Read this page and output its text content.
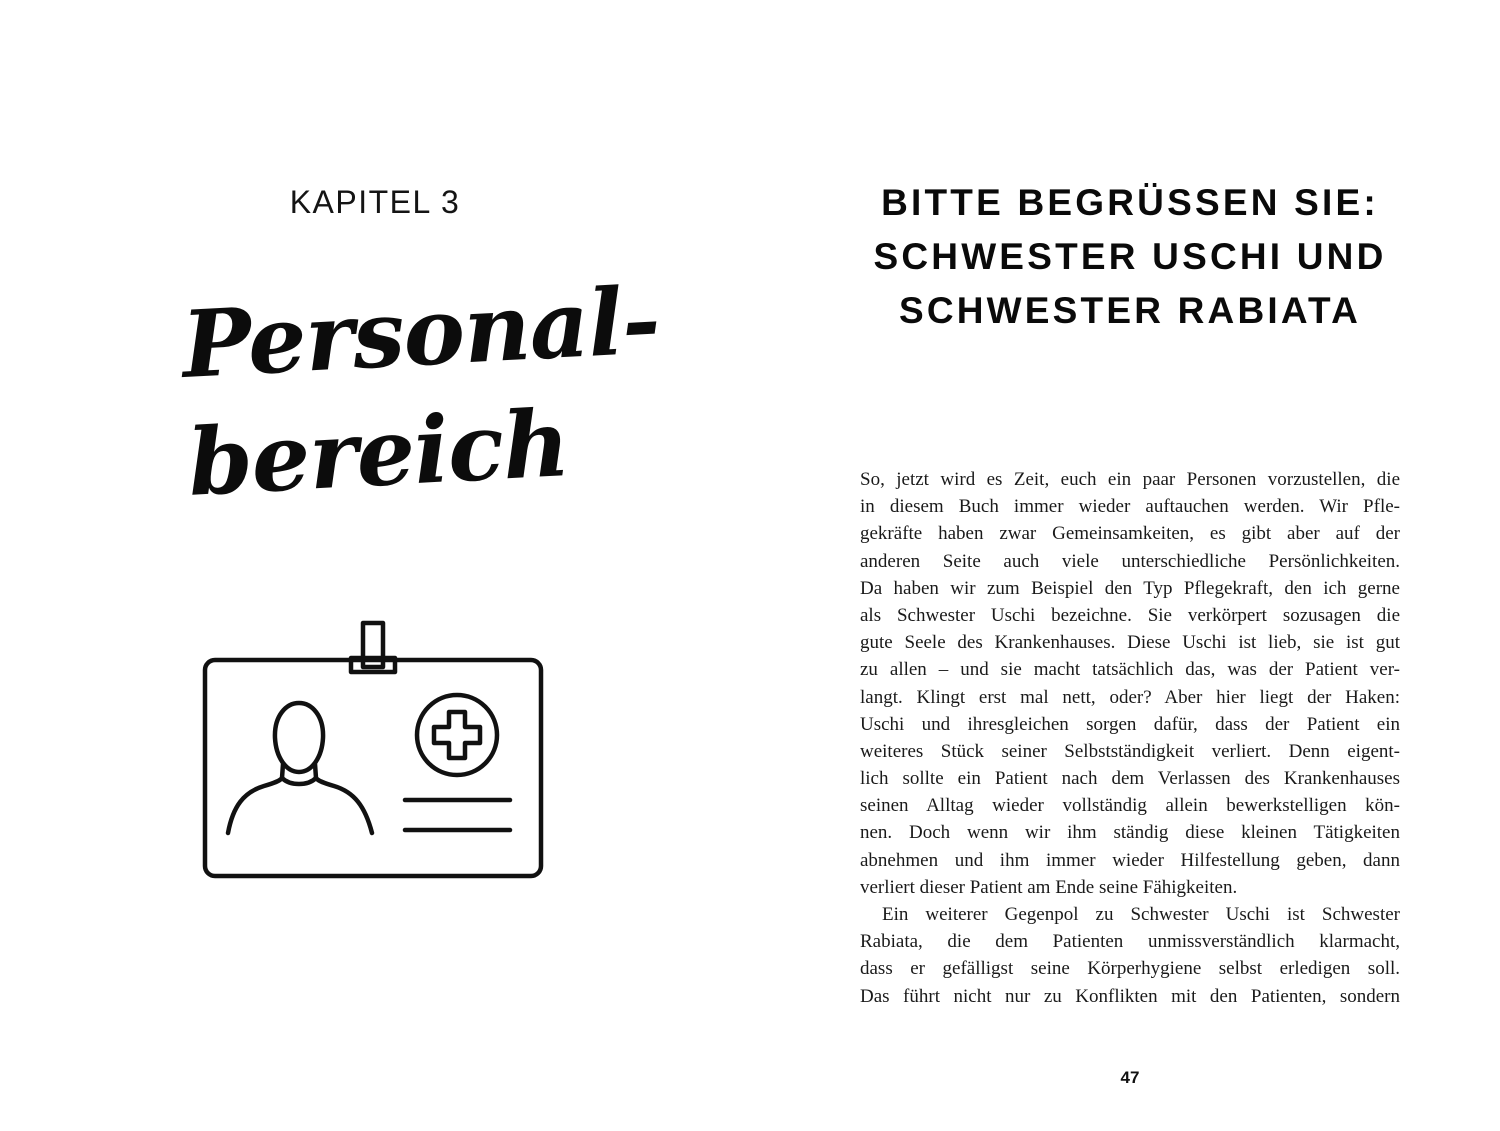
KAPITEL 3
Personal-
bereich
BITTE BEGRÜSSEN SIE:
SCHWESTER USCHI UND
SCHWESTER RABIATA
So, jetzt wird es Zeit, euch ein paar Personen vorzustellen, die
in diesem Buch immer wieder auftauchen werden. Wir Pfle-
gekräfte haben zwar Gemeinsamkeiten, es gibt aber auf der
anderen Seite auch viele unterschiedliche Persönlichkeiten.
Da haben wir zum Beispiel den Typ Pflegekraft, den ich gerne
als Schwester Uschi bezeichne. Sie verkörpert sozusagen die
gute Seele des Krankenhauses. Diese Uschi ist lieb, sie ist gut
zu allen – und sie macht tatsächlich das, was der Patient ver-
langt. Klingt erst mal nett, oder? Aber hier liegt der Haken:
Uschi und ihresgleichen sorgen dafür, dass der Patient ein
weiteres Stück seiner Selbstständigkeit verliert. Denn eigent-
lich sollte ein Patient nach dem Verlassen des Krankenhauses
seinen Alltag wieder vollständig allein bewerkstelligen kön-
nen. Doch wenn wir ihm ständig diese kleinen Tätigkeiten
abnehmen und ihm immer wieder Hilfestellung geben, dann
verliert dieser Patient am Ende seine Fähigkeiten.
Ein weiterer Gegenpol zu Schwester Uschi ist Schwester
Rabiata, die dem Patienten unmissverständlich klarmacht,
dass er gefälligst seine Körperhygiene selbst erledigen soll.
Das führt nicht nur zu Konflikten mit den Patienten, sondern
47
